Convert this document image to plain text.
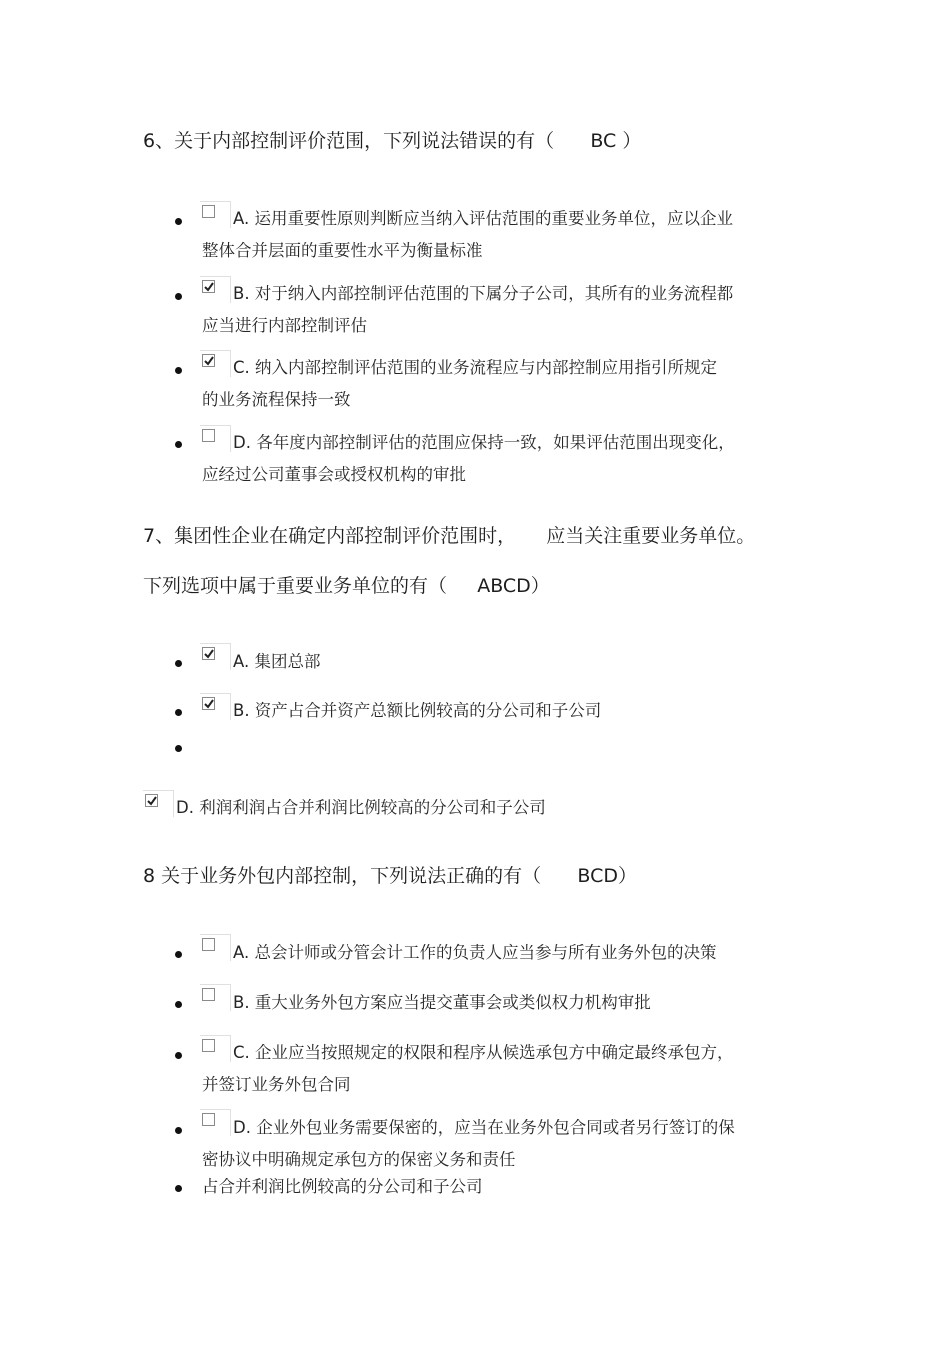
6、关于内部控制评价范围，下列说法错误的有（      BC ）
A. 运用重要性原则判断应当纳入评估范围的重要业务单位，应以企业
整体合并层面的重要性水平为衡量标准
B. 对于纳入内部控制评估范围的下属分子公司，其所有的业务流程都
应当进行内部控制评估
C. 纳入内部控制评估范围的业务流程应与内部控制应用指引所规定
的业务流程保持一致
D. 各年度内部控制评估的范围应保持一致，如果评估范围出现变化，
应经过公司董事会或授权机构的审批
7、集团性企业在确定内部控制评价范围时，     应当关注重要业务单位。
下列选项中属于重要业务单位的有（     ABCD）
A. 集团总部
B. 资产占合并资产总额比例较高的分公司和子公司
D. 利润利润占合并利润比例较高的分公司和子公司
8 关于业务外包内部控制，下列说法正确的有（      BCD）
A. 总会计师或分管会计工作的负责人应当参与所有业务外包的决策
B. 重大业务外包方案应当提交董事会或类似权力机构审批
C. 企业应当按照规定的权限和程序从候选承包方中确定最终承包方，
并签订业务外包合同
D. 企业外包业务需要保密的，应当在业务外包合同或者另行签订的保
密协议中明确规定承包方的保密义务和责任
占合并利润比例较高的分公司和子公司
